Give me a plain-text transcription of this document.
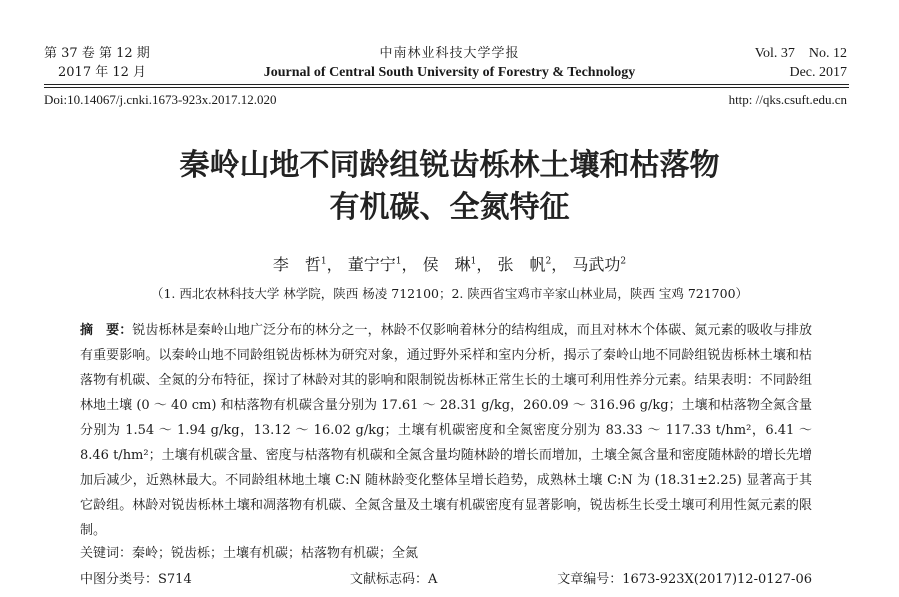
第 37 卷 第 12 期
2017 年 12 月
中南林业科技大学学报
Journal of Central South University of Forestry & Technology
Vol. 37　No. 12
Dec. 2017
Doi:10.14067/j.cnki.1673-923x.2017.12.020	http: //qks.csuft.edu.cn
秦岭山地不同龄组锐齿栎林土壤和枯落物
有机碳、全氮特征
李　哲$^1$， 董宁宁$^1$， 侯　琳$^1$， 张　帆$^2$， 马武功$^2$
（1. 西北农林科技大学 林学院，陕西 杨凌 712100；2. 陕西省宝鸡市辛家山林业局，陕西 宝鸡 721700）
摘　要：锐齿栎林是秦岭山地广泛分布的林分之一，林龄不仅影响着林分的结构组成，而且对林木个体碳、氮元素的吸收与排放有重要影响。以秦岭山地不同龄组锐齿栎林为研究对象，通过野外采样和室内分析，揭示了秦岭山地不同龄组锐齿栎林土壤和枯落物有机碳、全氮的分布特征，探讨了林龄对其的影响和限制锐齿栎林正常生长的土壤可利用性养分元素。结果表明：不同龄组林地土壤 (0 ～ 40 cm) 和枯落物有机碳含量分别为 17.61 ～ 28.31 g/kg，260.09 ～ 316.96 g/kg；土壤和枯落物全氮含量分别为 1.54 ～ 1.94 g/kg，13.12 ～ 16.02 g/kg；土壤有机碳密度和全氮密度分别为 83.33 ～ 117.33 t/hm²，6.41 ～ 8.46 t/hm²；土壤有机碳含量、密度与枯落物有机碳和全氮含量均随林龄的增长而增加，土壤全氮含量和密度随林龄的增长先增加后减少，近熟林最大。不同龄组林地土壤 C:N 随林龄变化整体呈增长趋势，成熟林土壤 C:N 为 (18.31±2.25) 显著高于其它龄组。林龄对锐齿栎林土壤和凋落物有机碳、全氮含量及土壤有机碳密度有显著影响，锐齿栎生长受土壤可利用性氮元素的限制。
关键词：秦岭；锐齿栎；土壤有机碳；枯落物有机碳；全氮
中图分类号：S714	文献标志码：A	文章编号：1673-923X(2017)12-0127-06
